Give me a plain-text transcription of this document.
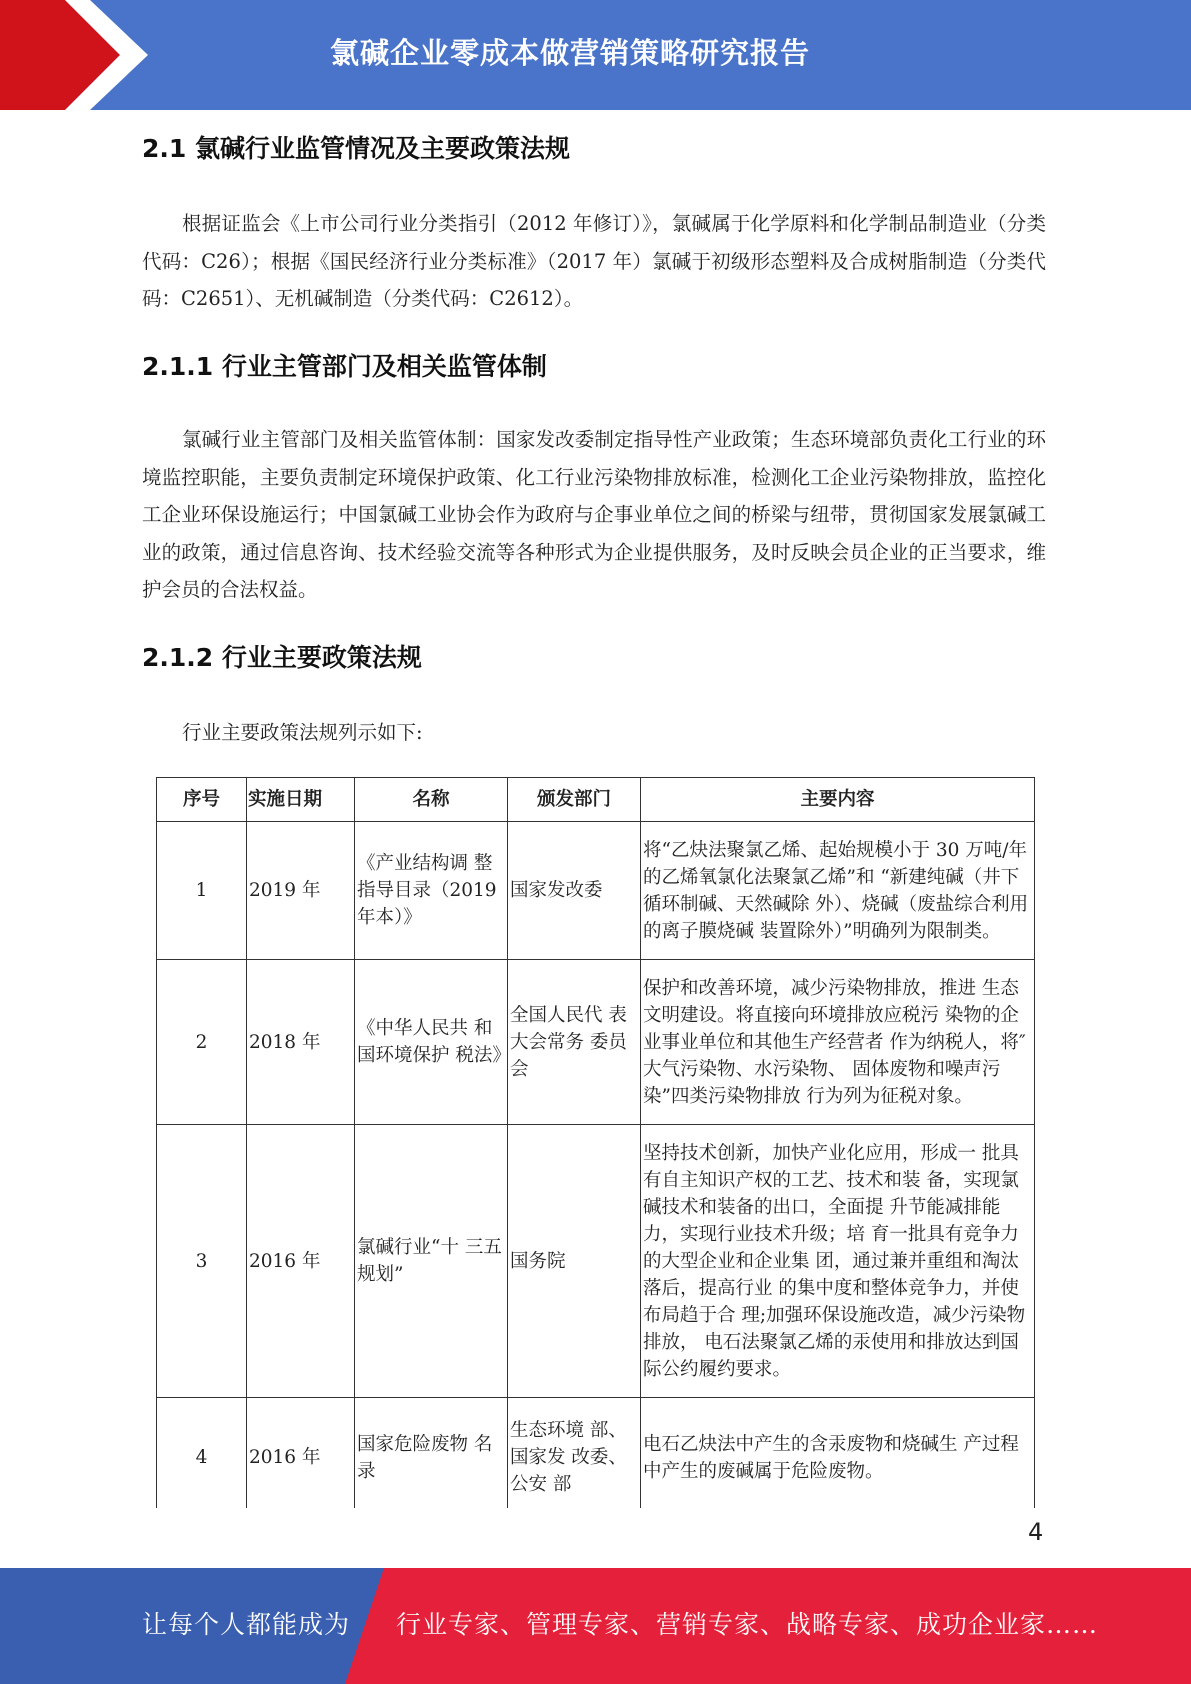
氯碱企业零成本做营销策略研究报告
2.1 氯碱行业监管情况及主要政策法规
根据证监会《上市公司行业分类指引（2012 年修订）》，氯碱属于化学原料和化学制品制造业（分类代码：C26）；根据《国民经济行业分类标准》（2017 年）氯碱于初级形态塑料及合成树脂制造（分类代码：C2651）、无机碱制造（分类代码：C2612）。
2.1.1 行业主管部门及相关监管体制
氯碱行业主管部门及相关监管体制：国家发改委制定指导性产业政策；生态环境部负责化工行业的环境监控职能，主要负责制定环境保护政策、化工行业污染物排放标准，检测化工企业污染物排放，监控化工企业环保设施运行；中国氯碱工业协会作为政府与企事业单位之间的桥梁与纽带，贯彻国家发展氯碱工业的政策，通过信息咨询、技术经验交流等各种形式为企业提供服务，及时反映会员企业的正当要求，维护会员的合法权益。
2.1.2 行业主要政策法规
行业主要政策法规列示如下:
序号	实施日期	名称	颁发部门	主要内容
1	2019 年	《产业结构调 整指导目录（2019 年本）》	国家发改委	将“乙炔法聚氯乙烯、起始规模小于 30 万吨/年的乙烯氧氯化法聚氯乙烯”和 “新建纯碱（井下循环制碱、天然碱除 外）、烧碱（废盐综合利用的离子膜烧碱 装置除外）”明确列为限制类。
2	2018 年	《中华人民共 和国环境保护 税法》	全国人民代 表大会常务 委员会	保护和改善环境，减少污染物排放，推进 生态文明建设。将直接向环境排放应税污 染物的企业事业单位和其他生产经营者 作为纳税人，将″大气污染物、水污染物、 固体废物和噪声污染”四类污染物排放 行为列为征税对象。
3	2016 年	氯碱行业“十 三五规划”	国务院	坚持技术创新，加快产业化应用，形成一 批具有自主知识产权的工艺、技术和装 备，实现氯碱技术和装备的出口，全面提 升节能减排能力，实现行业技术升级；培 育一批具有竞争力的大型企业和企业集 团，通过兼并重组和淘汰落后，提高行业 的集中度和整体竞争力，并使布局趋于合 理;加强环保设施改造，减少污染物排放， 电石法聚氯乙烯的汞使用和排放达到国 际公约履约要求。
4	2016 年	国家危险废物 名录	生态环境 部、国家发 改委、公安 部	电石乙炔法中产生的含汞废物和烧碱生 产过程中产生的废碱属于危险废物。
4
让每个人都能成为 行业专家、管理专家、营销专家、战略专家、成功企业家……
